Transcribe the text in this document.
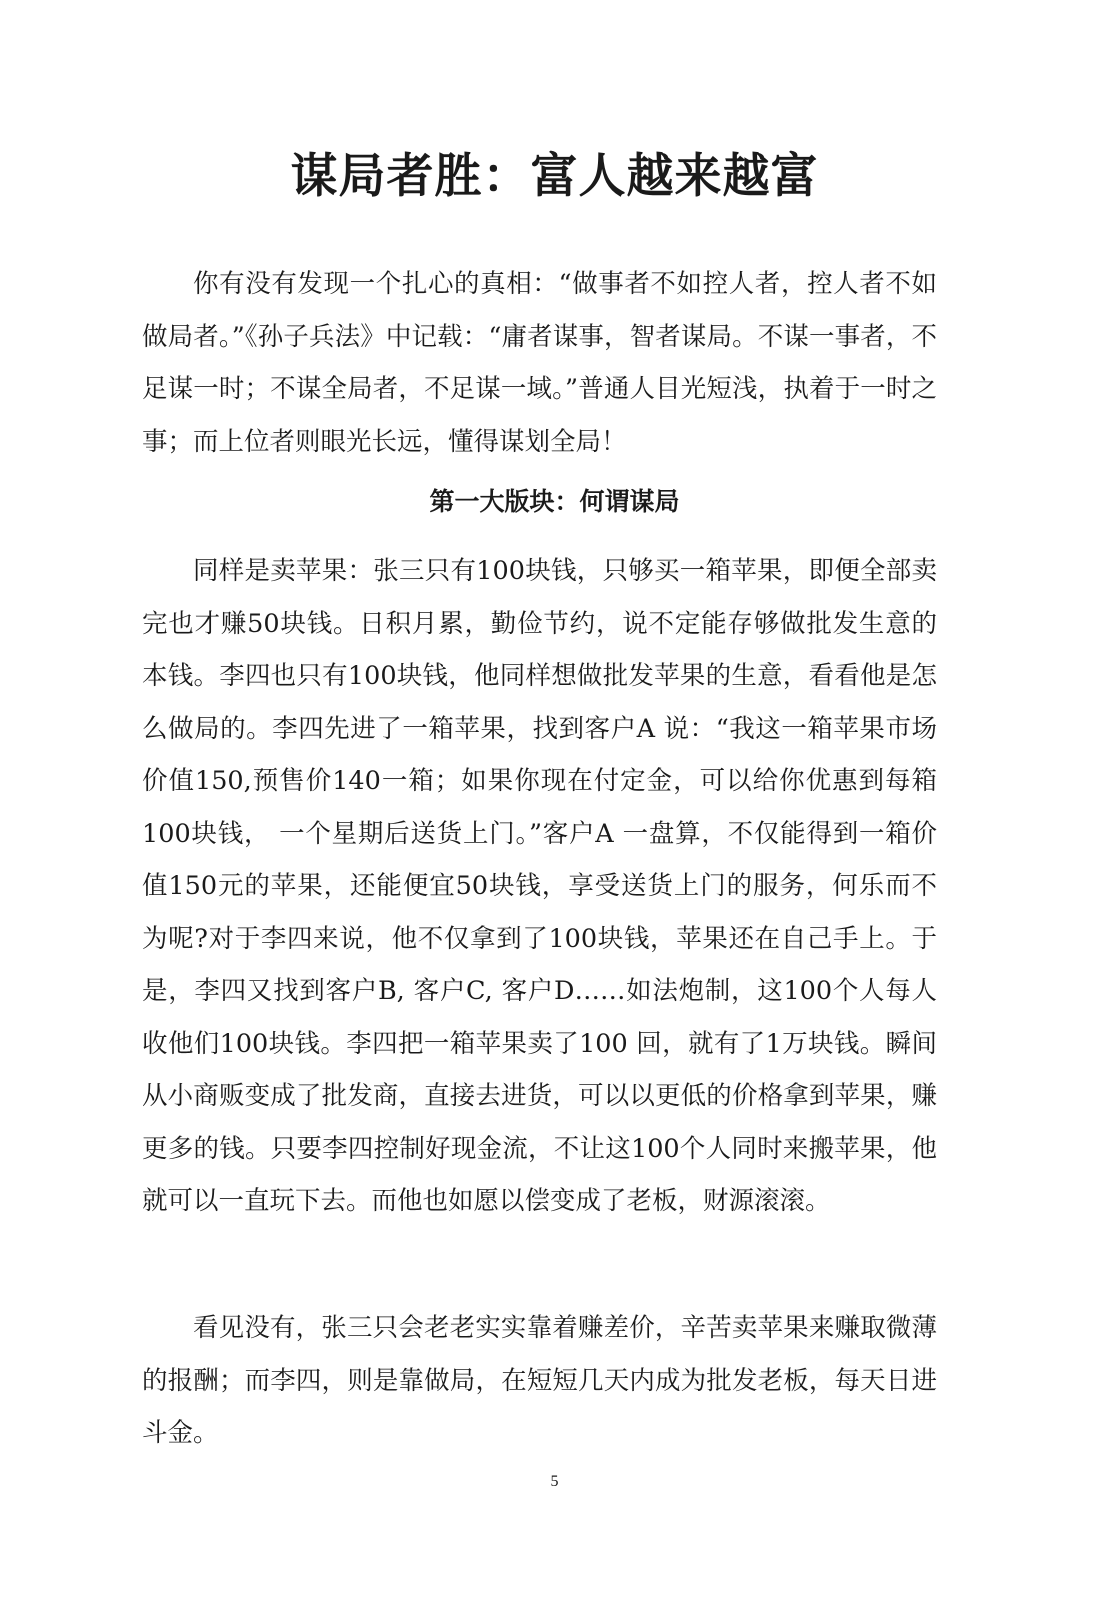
谋局者胜：富人越来越富

你有没有发现一个扎心的真相：“做事者不如控人者，控人者不如做局者。”《孙子兵法》中记载：“庸者谋事，智者谋局。不谋一事者，不足谋一时；不谋全局者，不足谋一域。”普通人目光短浅，执着于一时之事；而上位者则眼光长远，懂得谋划全局！

第一大版块：何谓谋局

同样是卖苹果：张三只有100块钱，只够买一箱苹果，即便全部卖完也才赚50块钱。日积月累，勤俭节约，说不定能存够做批发生意的本钱。李四也只有100块钱，他同样想做批发苹果的生意，看看他是怎么做局的。李四先进了一箱苹果，找到客户A 说：“我这一箱苹果市场价值150,预售价140一箱；如果你现在付定金，可以给你优惠到每箱100块钱， 一个星期后送货上门。”客户A 一盘算，不仅能得到一箱价值150元的苹果，还能便宜50块钱，享受送货上门的服务，何乐而不为呢?对于李四来说，他不仅拿到了100块钱，苹果还在自己手上。于是，李四又找到客户B, 客户C, 客户D……如法炮制，这100个人每人收他们100块钱。李四把一箱苹果卖了100 回，就有了1万块钱。瞬间从小商贩变成了批发商，直接去进货，可以以更低的价格拿到苹果，赚更多的钱。只要李四控制好现金流，不让这100个人同时来搬苹果，他就可以一直玩下去。而他也如愿以偿变成了老板，财源滚滚。

看见没有，张三只会老老实实靠着赚差价，辛苦卖苹果来赚取微薄的报酬；而李四，则是靠做局，在短短几天内成为批发老板，每天日进斗金。

5
